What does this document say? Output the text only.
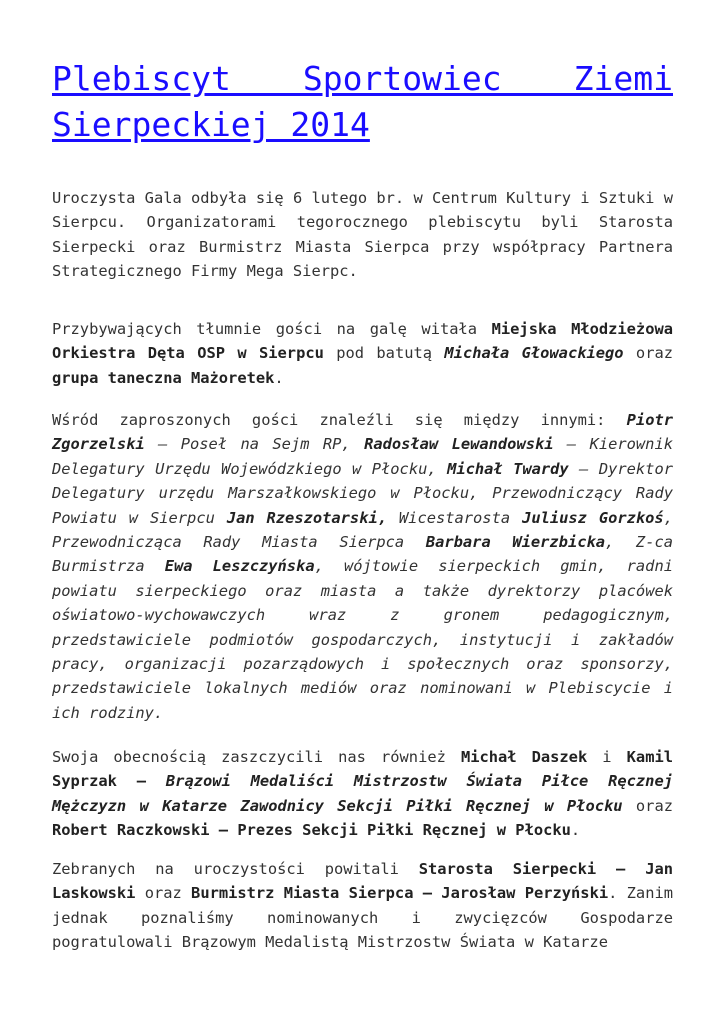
Plebiscyt Sportowiec Ziemi Sierpeckiej 2014

Uroczysta Gala odbyła się 6 lutego br. w Centrum Kultury i Sztuki w Sierpcu. Organizatorami tegorocznego plebiscytu byli Starosta Sierpecki oraz Burmistrz Miasta Sierpca przy współpracy Partnera Strategicznego Firmy Mega Sierpc.

Przybywających tłumnie gości na galę witała Miejska Młodzieżowa Orkiestra Dęta OSP w Sierpcu pod batutą Michała Głowackiego oraz grupa taneczna Mażoretek.

Wśród zaproszonych gości znaleźli się między innymi: Piotr Zgorzelski – Poseł na Sejm RP, Radosław Lewandowski – Kierownik Delegatury Urzędu Wojewódzkiego w Płocku, Michał Twardy – Dyrektor Delegatury urzędu Marszałkowskiego w Płocku, Przewodniczący Rady Powiatu w Sierpcu Jan Rzeszotarski, Wicestarosta Juliusz Gorzkoś, Przewodnicząca Rady Miasta Sierpca Barbara Wierzbicka, Z-ca Burmistrza Ewa Leszczyńska, wójtowie sierpeckich gmin, radni powiatu sierpeckiego oraz miasta a także dyrektorzy placówek oświatowo-wychowawczych wraz z gronem pedagogicznym, przedstawiciele podmiotów gospodarczych, instytucji i zakładów pracy, organizacji pozarządowych i społecznych oraz sponsorzy, przedstawiciele lokalnych mediów oraz nominowani w Plebiscycie i ich rodziny.

Swoja obecnością zaszczycili nas również Michał Daszek i Kamil Syprzak – Brązowi Medaliści Mistrzostw Świata Piłce Ręcznej Mężczyzn w Katarze Zawodnicy Sekcji Piłki Ręcznej w Płocku oraz Robert Raczkowski – Prezes Sekcji Piłki Ręcznej w Płocku.

Zebranych na uroczystości powitali Starosta Sierpecki – Jan Laskowski oraz Burmistrz Miasta Sierpca – Jarosław Perzyński. Zanim jednak poznaliśmy nominowanych i zwycięzców Gospodarze pogratulowali Brązowym Medalistą Mistrzostw Świata w Katarze
